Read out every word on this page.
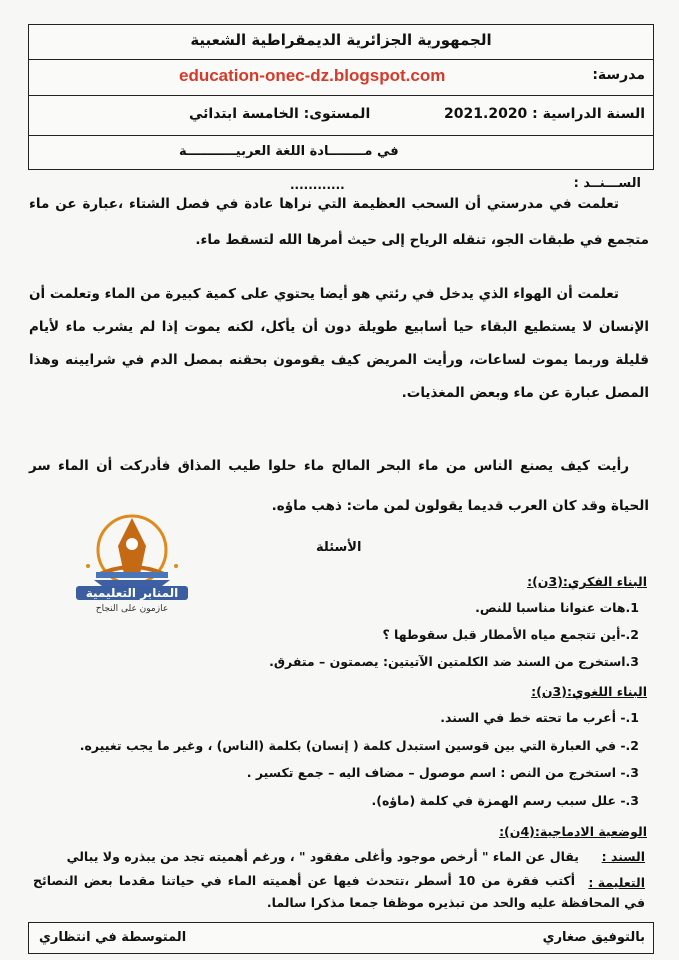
الجمهورية الجزائرية الديمقراطية الشعبية
مدرسة:
education-onec-dz.blogspot.com
السنة الدراسية : 2021.2020
المستوى: الخامسة ابتدائي
في مــــــــادة اللغة العربيـــــــــــة
الســـنــد :
............

تعلمت في مدرستي أن السحب العظيمة التي نراها عادة في فصل الشتاء ،عبارة عن ماء متجمع في طبقات الجو، تنقله الرياح إلى حيث أمرها الله لتسقط ماء.

تعلمت أن الهواء الذي يدخل في رئتي هو أيضا يحتوي على كمية كبيرة من الماء وتعلمت أن الإنسان لا يستطيع البقاء حيا أسابيع طويلة دون أن يأكل، لكنه يموت إذا لم يشرب ماء لأيام قليلة وربما يموت لساعات، ورأيت المريض كيف يقومون بحقنه بمصل الدم في شرايينه وهذا المصل عبارة عن ماء وبعض المغذيات.

رأيت كيف يصنع الناس من ماء البحر المالح ماء حلوا طيب المذاق فأدركت أن الماء سر الحياة وقد كان العرب قديما يقولون لمن مات: ذهب ماؤه.

المنابر التعليمية
عازمون على النجاح
الأسئلة
البناء الفكري:(3ن):
1.هات عنوانا مناسبا للنص.
2.-أين تتجمع مياه الأمطار قبل سقوطها ؟
3.استخرج من السند ضد الكلمتين الآتيتين: يصمتون – متفرق.
البناء اللغوي:(3ن):
1.- أعرب ما تحته خط في السند.
2.- في العبارة التي بين قوسين استبدل كلمة ( إنسان) بكلمة (الناس) ، وغير ما يجب تغييره.
3.- استخرج من النص : اسم موصول – مضاف اليه – جمع تكسير .
3.- علل سبب رسم الهمزة في كلمة (ماؤه).
الوضعية الادماجية:(4ن):
السند :
يقال عن الماء " أرخص موجود وأغلى مفقود " ، ورغم أهميته تجد من يبذره ولا يبالي
التعليمة :

أكتب فقرة من 10 أسطر ،تتحدث فيها عن أهميته الماء في حياتنا مقدما بعض النصائح في المحافظة عليه والحد من تبذيره موظفا جمعا مذكرا سالما.

بالتوفيق صغاري
المتوسطة في انتظاري
